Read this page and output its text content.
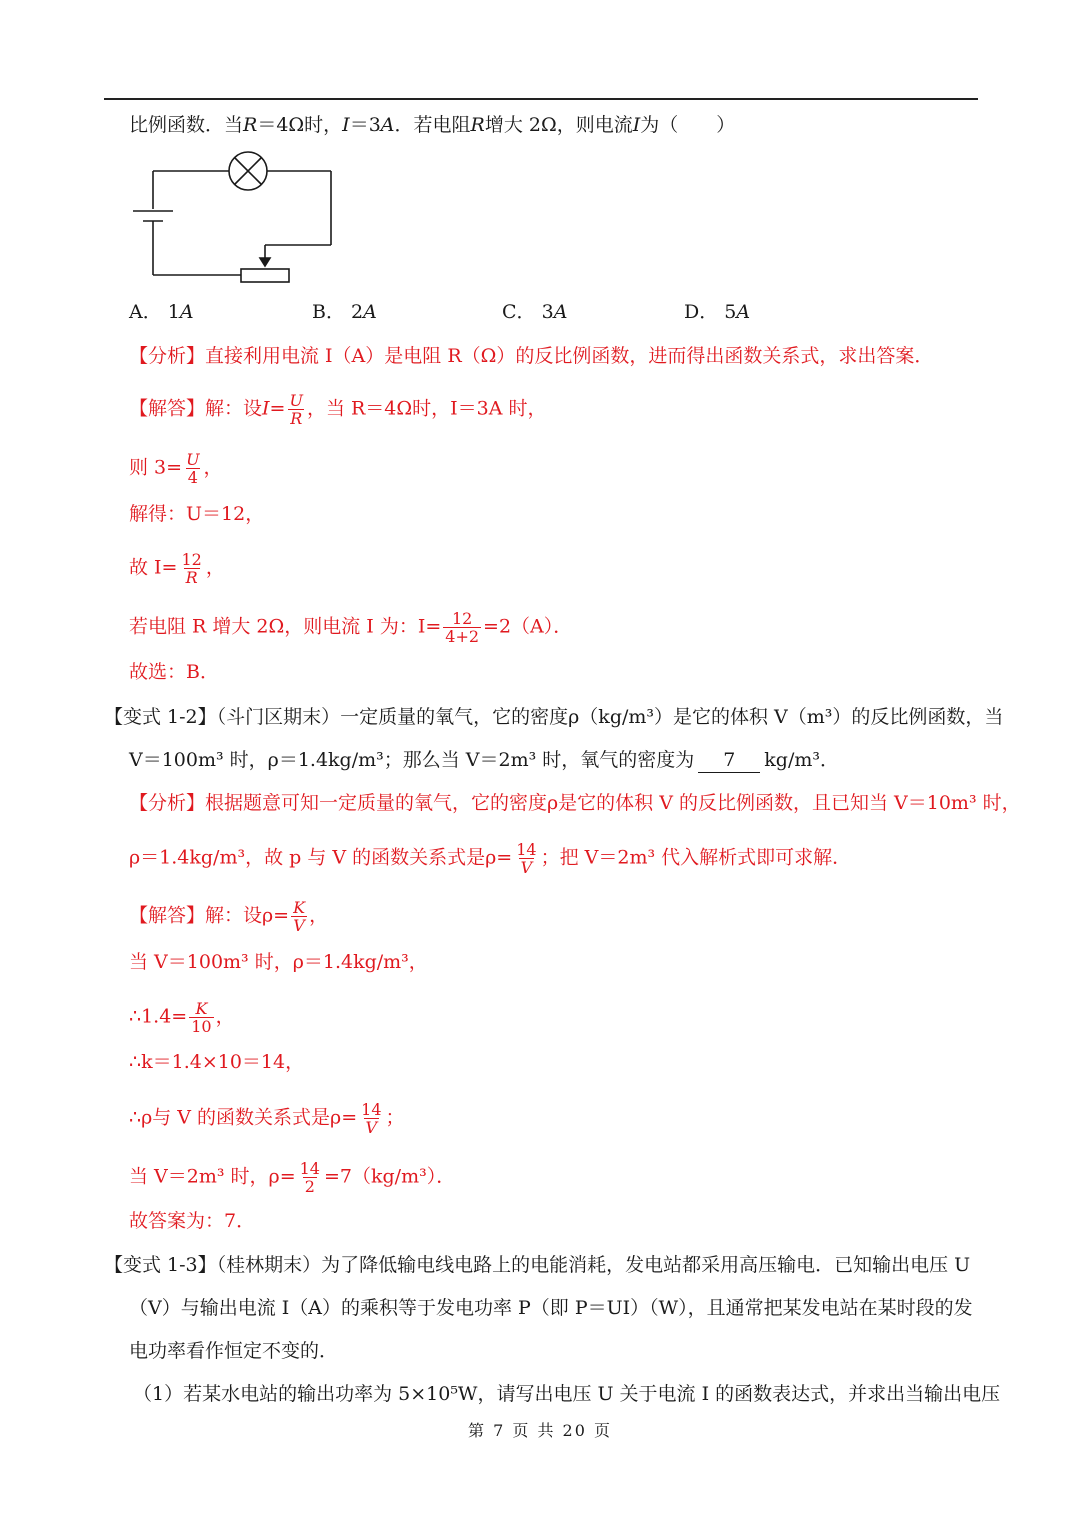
比例函数．当R＝4Ω时，I＝3A．若电阻R增大 2Ω，则电流I为（　　）
A． 1A	B． 2A	C． 3A	D． 5A
【分析】直接利用电流 I（A）是电阻 R（Ω）的反比例函数，进而得出函数关系式，求出答案．
【解答】解：设$I= \frac{U}{R}$ ，当 R＝4Ω时，I＝3A 时，
则 $3= \frac{U}{4}$ ，
解得：U＝12，
故 $I= \frac{12}{R}$ ，
若电阻 R 增大 2Ω，则电流 I 为：$I= \frac{12}{4+2} =2(A)$．
故选：B．
【变式 1-2】（斗门区期末）一定质量的氧气，它的密度ρ（kg/m³）是它的体积 V（m³）的反比例函数，当
V＝100m³ 时，ρ＝1.4kg/m³；那么当 V＝2m³ 时，氧气的密度为 7 kg/m³．
【分析】根据题意可知一定质量的氧气，它的密度ρ是它的体积 V 的反比例函数，且已知当 V＝10m³ 时，
ρ＝1.4kg/m³，故 p 与 V 的函数关系式是$\rho= \frac{14}{V}$ ；把 V＝2m³ 代入解析式即可求解．
【解答】解：设$\rho= \frac{K}{V}$ ，
当 V＝100m³ 时，ρ＝1.4kg/m³，
∴1.4= $\frac{K}{10}$ ，
∴k＝1.4×10＝14，
∴ρ与 V 的函数关系式是$\rho= \frac{14}{V}$ ；
当 V＝2m³ 时，$\rho= \frac{14}{2} =7(kg/m^3)$．
故答案为：7．
【变式 1-3】（桂林期末）为了降低输电线电路上的电能消耗，发电站都采用高压输电．已知输出电压 U
（V）与输出电流 I（A）的乘积等于发电功率 P（即 P＝UI）（W），且通常把某发电站在某时段的发
电功率看作恒定不变的．
（1）若某水电站的输出功率为 5×10⁵W，请写出电压 U 关于电流 I 的函数表达式，并求出当输出电压
第 7 页 共 20 页
